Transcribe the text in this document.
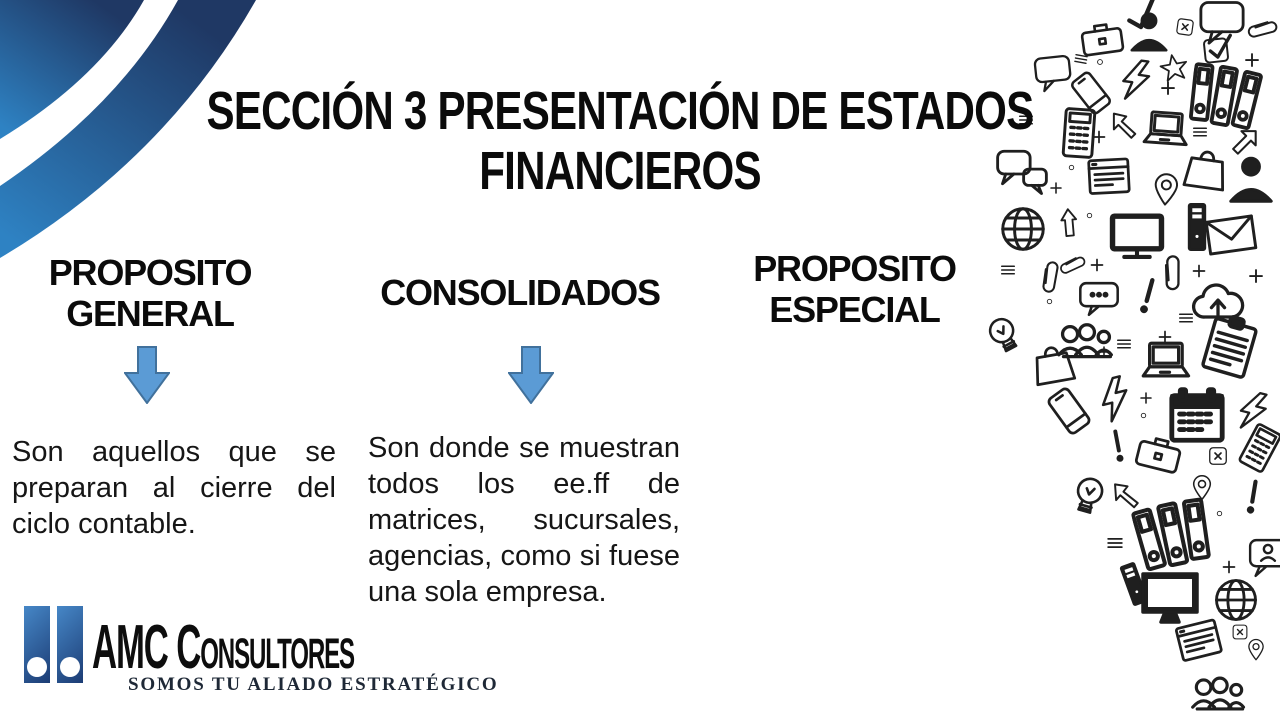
SECCIÓN 3 PRESENTACIÓN DE ESTADOS FINANCIEROS
PROPOSITO GENERAL
CONSOLIDADOS
PROPOSITO ESPECIAL

Son aquellos que se preparan al cierre del ciclo contable.

Son donde se muestran todos los ee.ff de matrices, sucursales, agencias, como si fuese una sola empresa.

AMC Consultores
SOMOS TU ALIADO ESTRATÉGICO
